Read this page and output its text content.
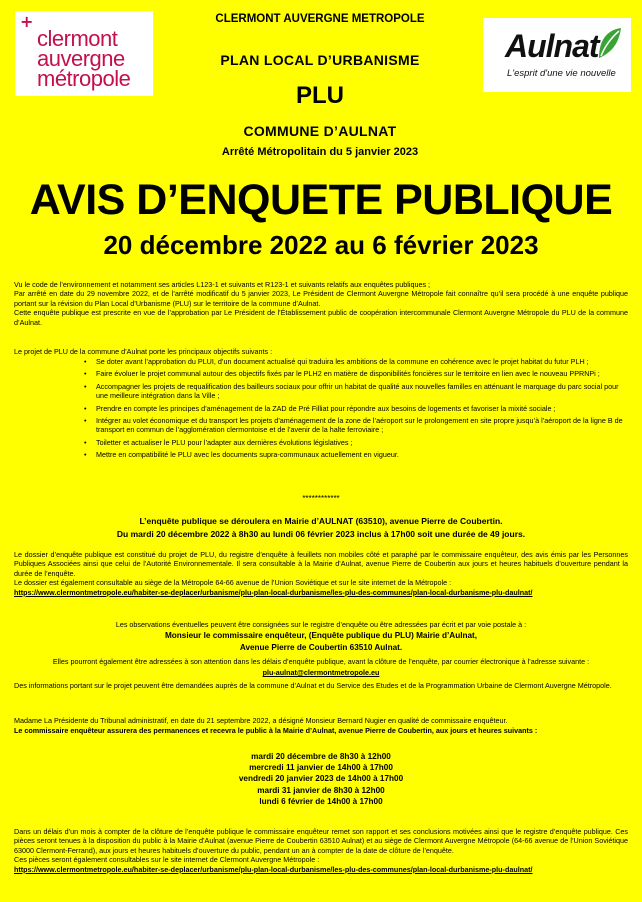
+
clermont
auvergne
métropole
Aulnat
L'esprit d'une vie nouvelle
CLERMONT AUVERGNE METROPOLE
PLAN LOCAL D’URBANISME
PLU
COMMUNE D’AULNAT
Arrêté Métropolitain du 5 janvier 2023
AVIS D’ENQUETE PUBLIQUE
20 décembre 2022 au 6 février 2023

Vu le code de l’environnement et notamment ses articles L123-1 et suivants et R123-1 et suivants relatifs aux enquêtes publiques ;

Par arrêté en date du 29 novembre 2022, et de l’arrêté modificatif du 5 janvier 2023, Le Président de Clermont Auvergne Métropole fait connaître qu’il sera procédé à une enquête publique portant sur la révision du Plan Local d’Urbanisme (PLU) sur le territoire de la commune d’Aulnat.

Cette enquête publique est prescrite en vue de l’approbation par Le Président de l’Établissement public de coopération intercommunale Clermont Auvergne Métropole du PLU de la commune d’Aulnat.

Le projet de PLU de la commune d’Aulnat porte les principaux objectifs suivants :
• Se doter avant l’approbation du PLUI, d’un document actualisé qui traduira les ambitions de la commune en cohérence avec le projet habitat du futur PLH ;
• Faire évoluer le projet communal autour des objectifs fixés par le PLH2 en matière de disponibilités foncières sur le territoire en lien avec le nouveau PPRNPi ;
• Accompagner les projets de requalification des bailleurs sociaux pour offrir un habitat de qualité aux nouvelles familles en atténuant le marquage du parc social pour une meilleure intégration dans la Ville ;
• Prendre en compte les principes d’aménagement de la ZAD de Pré Filliat pour répondre aux besoins de logements et favoriser la mixité sociale ;
• Intégrer au volet économique et du transport les projets d’aménagement de la zone de l’aéroport sur le prolongement en site propre jusqu’à l’aéroport de la ligne B de transport en commun de l’agglomération clermontoise et de l’avenir de la halte ferroviaire ;
• Toiletter et actualiser le PLU pour l’adapter aux dernières évolutions législatives ;
• Mettre en compatibilité le PLU avec les documents supra-communaux actuellement en vigueur.
************
L’enquête publique se déroulera en Mairie d’AULNAT (63510), avenue Pierre de Coubertin.
Du mardi 20 décembre 2022 à 8h30 au lundi 06 février 2023 inclus à 17h00 soit une durée de 49 jours.

Le dossier d’enquête publique est constitué du projet de PLU, du registre d’enquête à feuillets non mobiles côté et paraphé par le commissaire enquêteur, des avis émis par les Personnes Publiques Associées ainsi que celui de l’Autorité Environnementale. Il sera consultable à la Mairie d’Aulnat, avenue Pierre de Coubertin aux jours et heures habituels d’ouverture pendant la durée de l’enquête.

Le dossier est également consultable au siège de la Métropole 64-66 avenue de l’Union Soviétique et sur le site internet de la Métropole :

https://www.clermontmetropole.eu/habiter-se-deplacer/urbanisme/plu-plan-local-durbanisme/les-plu-des-communes/plan-local-durbanisme-plu-daulnat/

Les observations éventuelles peuvent être consignées sur le registre d’enquête ou être adressées par écrit et par voie postale à :
Monsieur le commissaire enquêteur, (Enquête publique du PLU) Mairie d’Aulnat,
Avenue Pierre de Coubertin 63510 Aulnat.
Elles pourront également être adressées à son attention dans les délais d’enquête publique, avant la clôture de l’enquête, par courrier électronique à l’adresse suivante :
plu-aulnat@clermontmetropole.eu
Des informations portant sur le projet peuvent être demandées auprès de la commune d’Aulnat et du Service des Etudes et de la Programmation Urbaine de Clermont Auvergne Métropole.
Madame La Présidente du Tribunal administratif, en date du 21 septembre 2022, a désigné Monsieur Bernard Nugier en qualité de commissaire enquêteur.
Le commissaire enquêteur assurera des permanences et recevra le public à la Mairie d’Aulnat, avenue Pierre de Coubertin, aux jours et heures suivants :
mardi 20 décembre de 8h30 à 12h00
mercredi 11 janvier de 14h00 à 17h00
vendredi 20 janvier 2023 de 14h00 à 17h00
mardi 31 janvier de 8h30 à 12h00
lundi 6 février de 14h00 à 17h00

Dans un délais d’un mois à compter de la clôture de l’enquête publique le commissaire enquêteur remet son rapport et ses conclusions motivées ainsi que le registre d’enquête publique. Ces pièces seront tenues à la disposition du public à la Mairie d’Aulnat (avenue Pierre de Coubertin 63510 Aulnat) et au siège de Clermont Auvergne Métropole (64-66 avenue de l’Union Soviétique 63000 Clermont-Ferrand), aux jours et heures habituels d’ouverture du public, pendant un an à compter de la date de clôture de l’enquête.

Ces pièces seront également consultables sur le site internet de Clermont Auvergne Métropole :

https://www.clermontmetropole.eu/habiter-se-deplacer/urbanisme/plu-plan-local-durbanisme/les-plu-des-communes/plan-local-durbanisme-plu-daulnat/
